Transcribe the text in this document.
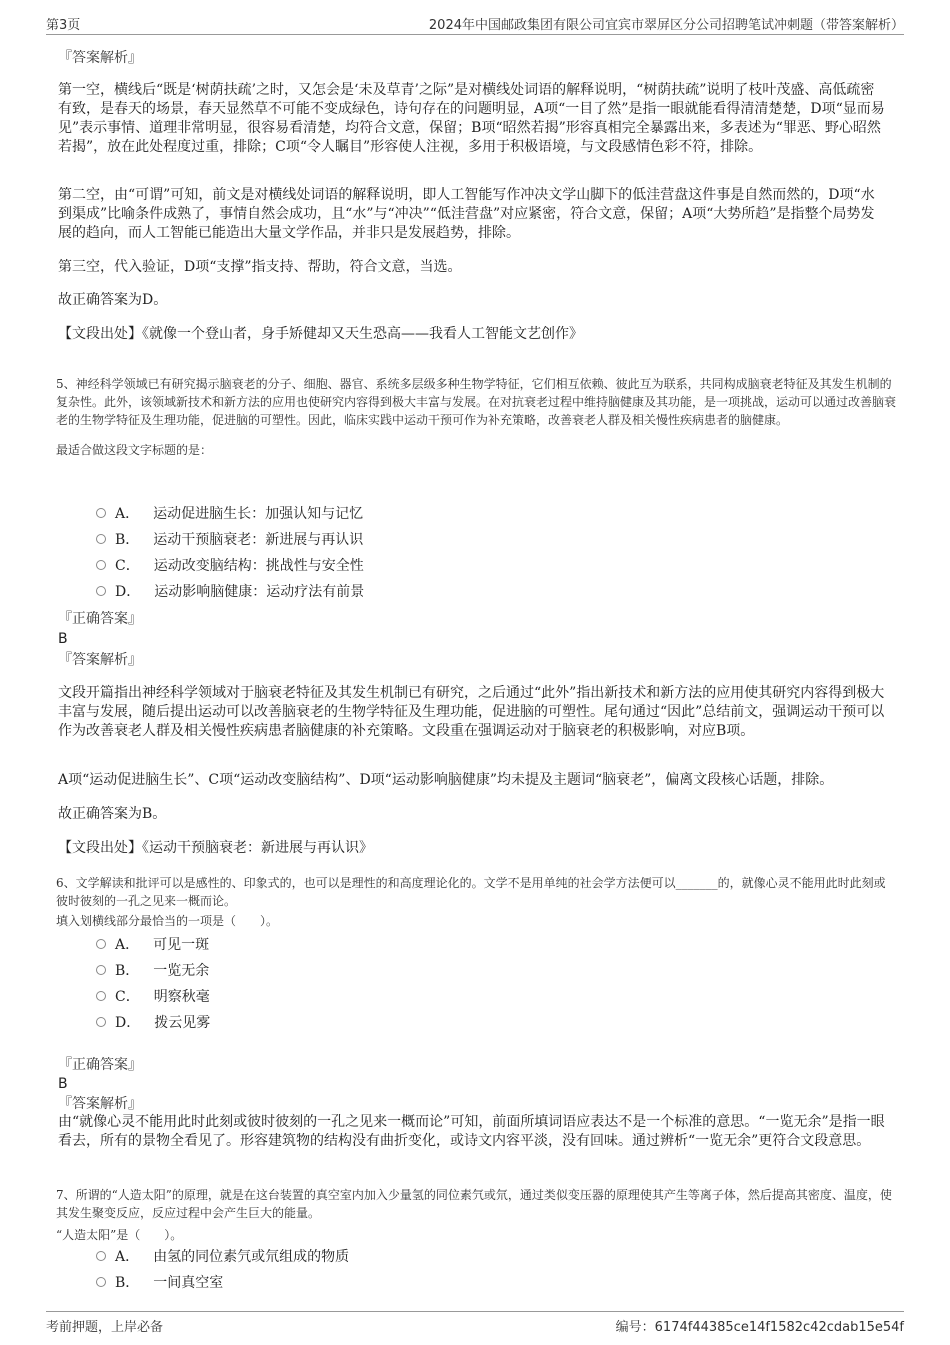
第3页	2024年中国邮政集团有限公司宜宾市翠屏区分公司招聘笔试冲刺题（带答案解析）

『答案解析』

第一空，横线后“既是‘树荫扶疏’之时，又怎会是‘未及草青’之际”是对横线处词语的解释说明，“树荫扶疏”说明了枝叶茂盛、高低疏密有致，是春天的场景，春天显然草不可能不变成绿色，诗句存在的问题明显，A项“一目了然”是指一眼就能看得清清楚楚，D项“显而易见”表示事情、道理非常明显，很容易看清楚，均符合文意，保留；B项“昭然若揭”形容真相完全暴露出来，多表述为“罪恶、野心昭然若揭”，放在此处程度过重，排除；C项“令人瞩目”形容使人注视，多用于积极语境，与文段感情色彩不符，排除。

第二空，由“可谓”可知，前文是对横线处词语的解释说明，即人工智能写作冲决文学山脚下的低洼营盘这件事是自然而然的，D项“水到渠成”比喻条件成熟了，事情自然会成功，且“水”与“冲决”“低洼营盘”对应紧密，符合文意，保留；A项“大势所趋”是指整个局势发展的趋向，而人工智能已能造出大量文学作品，并非只是发展趋势，排除。

第三空，代入验证，D项“支撑”指支持、帮助，符合文意，当选。

故正确答案为D。

【文段出处】《就像一个登山者，身手矫健却又天生恐高——我看人工智能文艺创作》

5、神经科学领域已有研究揭示脑衰老的分子、细胞、器官、系统多层级多种生物学特征，它们相互依赖、彼此互为联系，共同构成脑衰老特征及其发生机制的复杂性。此外，该领域新技术和新方法的应用也使研究内容得到极大丰富与发展。在对抗衰老过程中维持脑健康及其功能，是一项挑战，运动可以通过改善脑衰老的生物学特征及生理功能，促进脑的可塑性。因此，临床实践中运动干预可作为补充策略，改善衰老人群及相关慢性疾病患者的脑健康。

最适合做这段文字标题的是：

A． 运动促进脑生长：加强认知与记忆
B． 运动干预脑衰老：新进展与再认识
C． 运动改变脑结构：挑战性与安全性
D． 运动影响脑健康：运动疗法有前景

『正确答案』

B

『答案解析』

文段开篇指出神经科学领域对于脑衰老特征及其发生机制已有研究，之后通过“此外”指出新技术和新方法的应用使其研究内容得到极大丰富与发展，随后提出运动可以改善脑衰老的生物学特征及生理功能，促进脑的可塑性。尾句通过“因此”总结前文，强调运动干预可以作为改善衰老人群及相关慢性疾病患者脑健康的补充策略。文段重在强调运动对于脑衰老的积极影响，对应B项。

A项“运动促进脑生长”、C项“运动改变脑结构”、D项“运动影响脑健康”均未提及主题词“脑衰老”，偏离文段核心话题，排除。

故正确答案为B。

【文段出处】《运动干预脑衰老：新进展与再认识》

6、文学解读和批评可以是感性的、印象式的，也可以是理性的和高度理论化的。文学不是用单纯的社会学方法便可以_______的，就像心灵不能用此时此刻或彼时彼刻的一孔之见来一概而论。

填入划横线部分最恰当的一项是（　　）。

A． 可见一斑
B． 一览无余
C． 明察秋毫
D． 拨云见雾

『正确答案』

B

『答案解析』

由“就像心灵不能用此时此刻或彼时彼刻的一孔之见来一概而论”可知，前面所填词语应表达不是一个标准的意思。“一览无余”是指一眼看去，所有的景物全看见了。形容建筑物的结构没有曲折变化，或诗文内容平淡，没有回味。通过辨析“一览无余”更符合文段意思。

7、所谓的“人造太阳”的原理，就是在这台装置的真空室内加入少量氢的同位素氕或氘，通过类似变压器的原理使其产生等离子体，然后提高其密度、温度，使其发生聚变反应，反应过程中会产生巨大的能量。

“人造太阳”是（　　）。

A． 由氢的同位素氕或氘组成的物质
B． 一间真空室
考前押题，上岸必备	编号：6174f44385ce14f1582c42cdab15e54f
